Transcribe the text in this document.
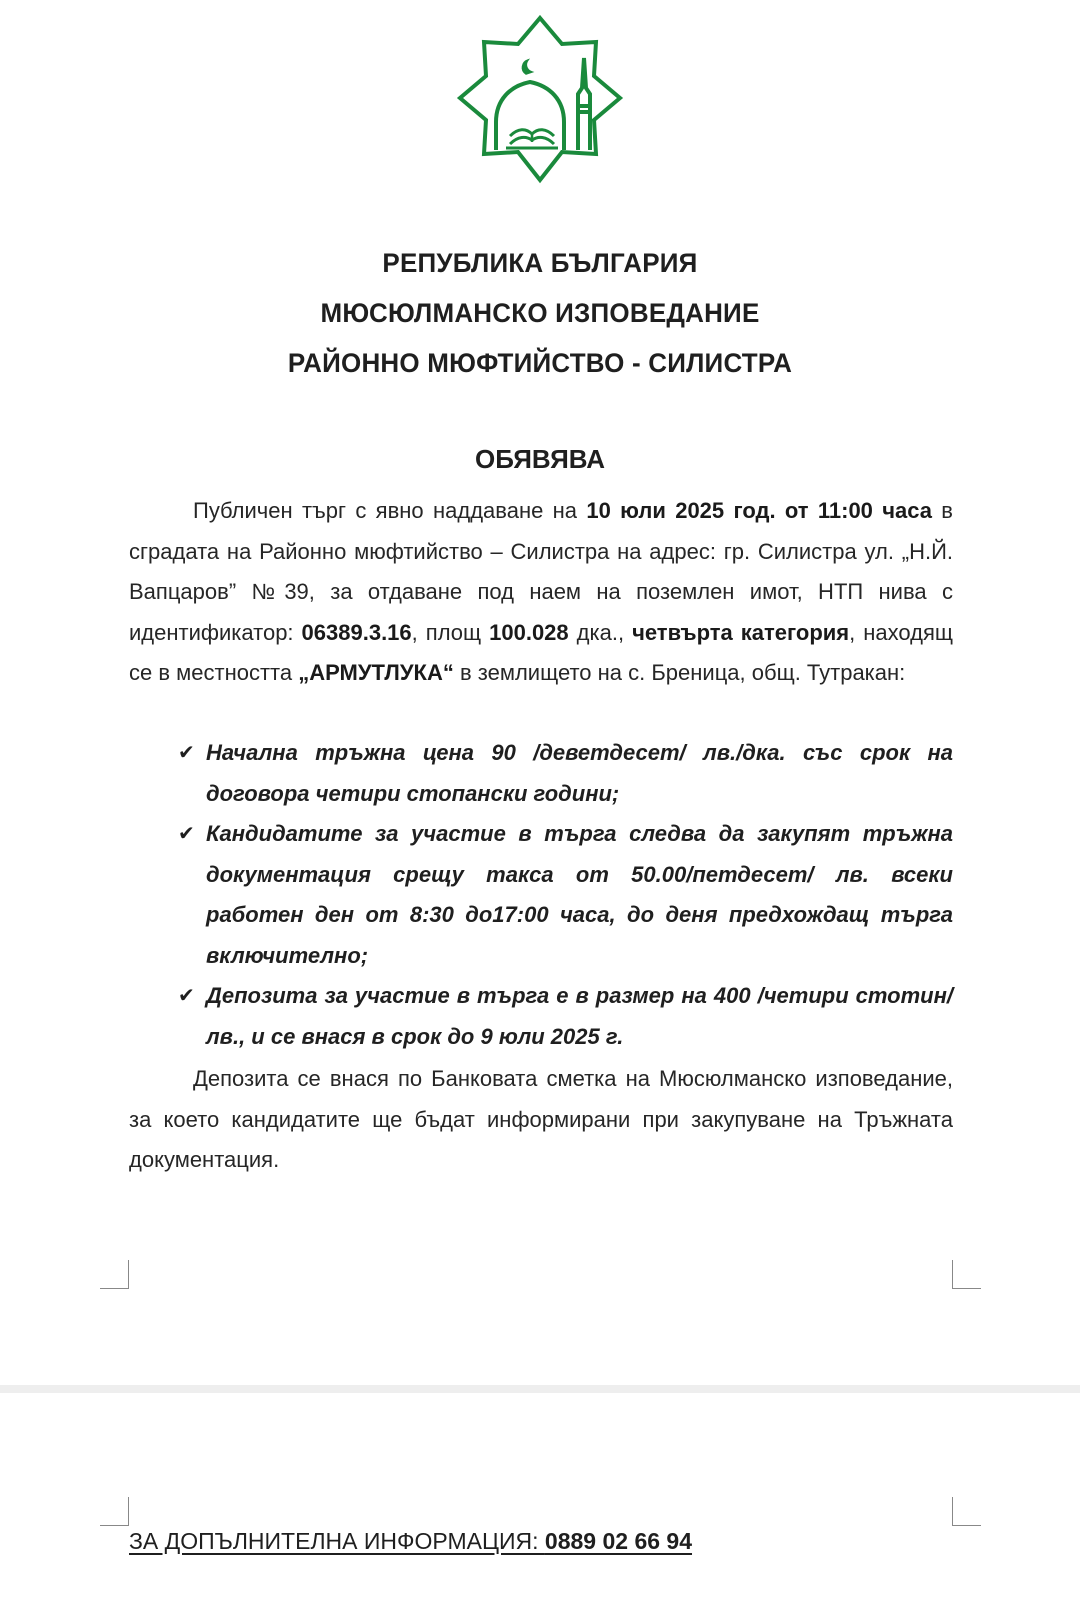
РЕПУБЛИКА БЪЛГАРИЯ
МЮСЮЛМАНСКО ИЗПОВЕДАНИЕ
РАЙОННО МЮФТИЙСТВО - СИЛИСТРА
ОБЯВЯВА

Публичен търг с явно наддаване на 10 юли 2025 год. от 11:00 часа в сградата на Районно мюфтийство – Силистра на адрес: гр. Силистра ул. „Н.Й. Вапцаров” №39, за отдаване под наем на поземлен имот, НТП нива с идентификатор: 06389.3.16, площ 100.028 дка., четвърта категория, находящ се в местността „АРМУТЛУКА“ в землището на с. Бреница, общ. Тутракан:

✔ Начална тръжна цена 90 /деветдесет/ лв./дка. със срок на договора четири стопански години;
✔ Кандидатите за участие в търга следва да закупят тръжна документация срещу такса от 50.00/петдесет/ лв. всеки работен ден от 8:30 до17:00 часа, до деня предхождащ търга включително;
✔ Депозита за участие в търга е в размер на 400 /четири стотин/ лв., и се внася в срок до 9 юли 2025 г.

Депозита се внася по Банковата сметка на Мюсюлманско изповедание, за което кандидатите ще бъдат информирани при закупуване на Тръжната документация.

ЗА ДОПЪЛНИТЕЛНА ИНФОРМАЦИЯ: 0889 02 66 94
